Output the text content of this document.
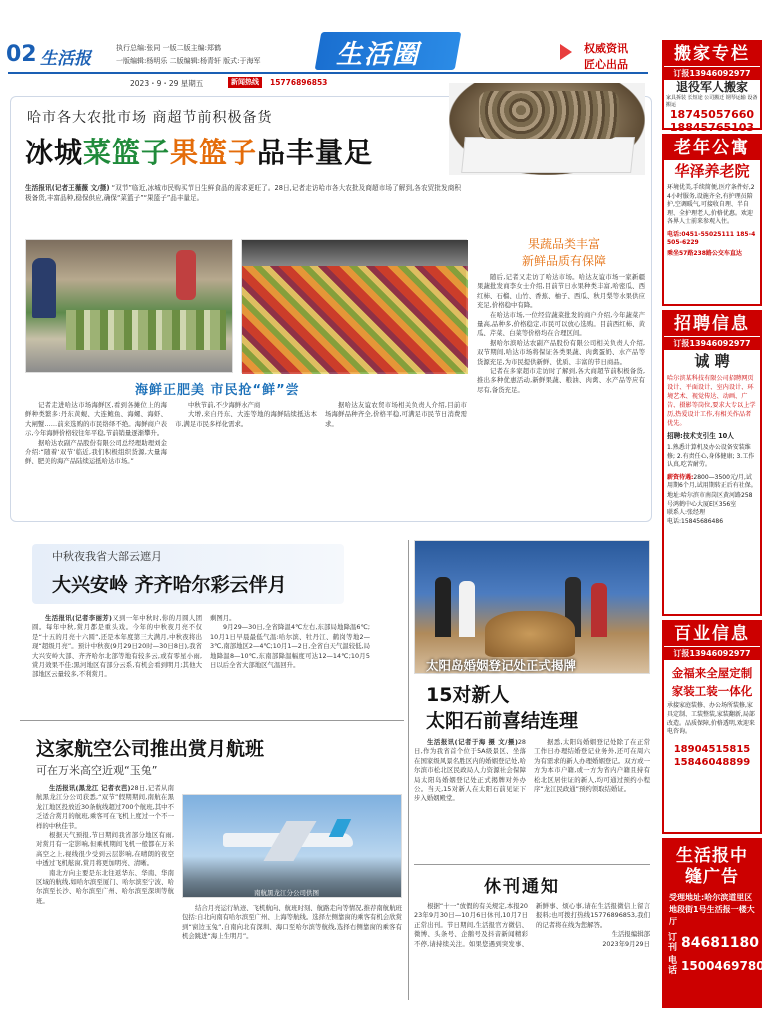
02 生活报
执行总编:张同 一版二版主编:郑鹤
一版编辑:杨明乐 二版编辑:杨青轩 版式:于海军
2023・9・29 星期五	新闻热线	15776896853
生活圈	权威资讯
匠心出品
哈市各大农批市场 商超节前积极备货
冰城菜篮子果篮子品丰量足
生活报讯(记者王薇薇 文/摄) “双节”临近,冰城市民购买节日生鲜食品的需求更旺了。28日,记者走访哈市各大农批及商超市场了解到,各农贸批发商积极备货,丰富品种,稳保供应,确保“菜篮子”“果篮子”品丰量足。
海鲜正肥美 市民抢“鲜”尝
果蔬品类丰富
新鲜品质有保障

随后,记者又走访了哈达市场。哈达友谊市场一家新疆果蔬批发商李女士介绍,目前节日水果种类丰富,哈密瓜、西红柿、石榴、山竹、香蕉、柚子、西瓜、秋月梨等水果供应充足,价格稳中有降。

在哈达市场,一位经营蔬菜批发的商户介绍,今年蔬菜产量高,品种多,价格稳定,市民可以放心选购。目前西红柿、黄瓜、芹菜、白菜等价格均在合理区间。

据哈尔滨哈达农副产品股份有限公司相关负责人介绍,双节期间,哈达市场将保证各类果蔬、肉禽蛋奶、水产品等货源充足,为市民提供新鲜、优质、丰富的节日商品。

记者在多家超市走访时了解到,各大商超节前积极备货,推出多种优惠活动,新鲜果蔬、粮油、肉禽、水产品等应有尽有,备货充足。

记者走进哈达市场海鲜区,看到各摊位上的海鲜种类繁多:丹东黄蚬、大连鲍鱼、海螺、海虾、大闸蟹……前来选购的市民络绎不绝。海鲜商户表示,今年海鲜价格较往年平稳,节前销量逐渐攀升。

据哈达农副产品股份有限公司总经理助理刘金介绍:“随着‘双节’临近,我们积极组织货源,大量海鲜、肥美的海产品陆续运抵哈达市场。”

中秋节前,不少海鲜水产商

大增,来自丹东、大连等地的海鲜陆续抵达本市,满足市民多样化需求。

据哈达友谊农贸市场相关负责人介绍,目前市场海鲜品种齐全,价格平稳,可满足市民节日消费需求。

中秋夜我省大部云遮月
大兴安岭 齐齐哈尔彩云伴月

生活报讯(记者李丽芳)又到一年中秋时,你的月圆人团圆。每年中秋,赏月都是重头戏。今年的中秋夜月亮不仅是“十五的月亮十六圆”,还是本年度第三大满月,中秋夜将出现“超级月亮”。预计中秋夜(9月29日20时—30日8日),我省大兴安岭大部、齐齐哈尔北部等地有较多云,或有零星小雨,赏月效果不佳;黑河地区有部分云系,有机会看到明月;其他大部地区云量较多,不利赏月。

剩图月。

9月29—30日,全省降温4℃左右,东部局地降温6℃;10月1日早晨最低气温:哈尔滨、牡丹江、鹤岗等地2—3℃,南部地区2—4℃;10月1—2日,全省白天气温较低,局地降温8—10℃,东南部降温幅度可达12—14℃;10月5日以后全省大部地区气温回升。	太阳岛婚姻登记处正式揭牌
15对新人
太阳石前喜结连理

生活报讯(记者于海 摄 文/摄)28日,作为我省首个位于5A级景区、坐落在国家级风景名胜区内的婚姻登记处,哈尔滨市松北区民政局人力资源社会保障局太阳岛婚姻登记处正式揭牌对外办公。当天,15对新人在太阳石前见证下步入婚姻殿堂。

据悉,太阳岛婚姻登记处除了在正常工作日办理结婚登记业务外,还可在周六为有需求的新人办理婚姻登记。双方或一方为本市户籍,或一方为省内户籍且持有松北区居住证的新人,均可通过预约小程序“龙江民政通”预约领取结婚证。

这家航空公司推出赏月航班
可在万米高空近观“玉兔”

生活报讯(黑龙江 记者衣芭)28日,记者从南航黑龙江分公司获悉,“双节”假期期间,南航在黑龙江地区投放近30条航线超过700个航班,其中不乏适合赏月的航班,乘客可在飞机上度过一个不一样的中秋佳节。

根据天气预报,节日期间我省部分地区有雨,对赏月有一定影响,但乘机期间飞机一般都在万米高空之上,视线很少受到云层影响,在晴朗的夜空中透过飞机舷窗,赏月将更加明亮、清晰。

南北方向主要是东北往返华东、华南、华南区域的航线,如哈尔滨至厦门、哈尔滨至宁波、哈尔滨至长沙、哈尔滨至广州、哈尔滨至深圳等航班。

南航黑龙江分公司供图

结合月亮运行轨迹、飞机航向、航班时刻、航路走向等情况,推荐南航航班包括:自北向南有哈尔滨至广州、上海等航线。选择左侧靠窗的乘客有机会欣赏到“窗边玉兔”,自南向北有深圳、海口至哈尔滨等航线,选择右侧靠窗的乘客有机会跳进“海上生明月”。

休刊通知

根据“十一”放假的有关规定,本报2023年9月30日—10月6日休刊,10月7日正常出刊。节日期间,生活报官方微信、微博、头条号、企鹅号及抖音新闻精彩不停,请持续关注。如果您遇到突发事、新鲜事、烦心事,请在生活报微信上留言报料;也可拨打热线15776896853,我们的记者将在线为您解答。

生活报编辑部

2023年9月29日

搬家专栏
订报13946092977
退役军人搬家
家具拆装 长短途 公司搬迁 钢琴运输 设备搬运
18745057660
18845765103
老年公寓
华泽养老院
环境优美,手续简便,医疗条件好,24小时服务,设施齐全,有护理员陪护,空调暖气,可接收自理、半自理、全护理老人,价格优惠。欢迎各界人士前来参观入住。
电话:0451-55025111 185-4505-6229
乘坐57路238路公交车直达
招聘信息
订报13946092977
诚 聘
哈尔滨某科技有限公司招聘网页设计、平面设计、室内设计、环境艺术、视觉传达、动画、广告、摄影等岗位,要求大专以上学历,热爱设计工作,有相关作品者优先。
招聘:技术支引生 10人
1.熟悉计算机及办公设备安装维修; 2.有责任心,身体健康; 3.工作认真,吃苦耐劳。
薪资待遇:2800—3500元/月,试用期6个月,试用期转正后有社保。
地址:哈尔滨市南岗区黄河路258号鸿鹤中心大厦E区356室
联系人:张经理
电话:15845686486
百业信息
订报13946092977
金福来全屋定制
家装工装一体化
承接家庭装修、办公场所装修,家具定制、工装整装,家装翻新,局部改造。品质保障,价格透明,欢迎来电咨询。
18904515815
15846048899
生活报中缝广告
受理地址:哈尔滨道里区地段街1号生活报一楼大厅
订刊 84681180
电话 15004697804
